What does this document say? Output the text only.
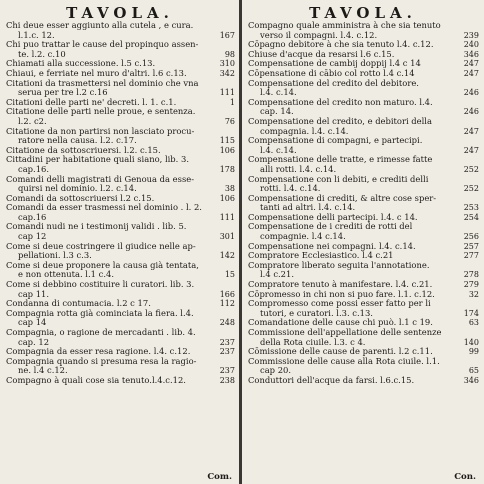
TAVOLA.
Chi deue esser aggiunto alla cutela , e cura.
l.1.c. 12.	167
Chi puo trattar le cause del propinquo assen-
te. l.2. c.10	98
Chiamati alla successione. l.5 c.13.	310
Chiaui, e ferriate nel muro d'altri. l.6 c.13.	342
Citationi da trasmettersi nel dominio che vna
serua per tre l.2 c.16	111
Citationi delle parti ne' decreti. l. 1. c.1.	1
Citatione delle parti nelle proue, e sentenza.
l.2. c2.	76
Citatione da non partirsi non lasciato procu-
ratore nella causa. l.2. c.17.	115
Citatione da sottoscriuersi. l.2. c.15.	106
Cittadini per habitatione quali siano, lib. 3.
cap.16.	178
Comandi delli magistrati di Genoua da esse-
quirsi nel dominio. l.2. c.14.	38
Comandi da sottoscriuersi l.2 c.15.	106
Comandi da esser trasmessi nel dominio . l. 2.
cap.16	111
Comandi nudi ne i testimonij validi . lib. 5.
cap 12	301
Come si deue costringere il giudice nelle ap-
pellationi. l.3 c.3.	142
Come si deue proponere la causa già tentata,
e non ottenuta. l.1 c.4.	15
Come si debbino costituire li curatori. lib. 3.
cap 11.	166
Condanna di contumacia. l.2 c 17.	112
Compagnia rotta già cominciata la fiera. l.4.
cap 14	248
Compagnia, o ragione de mercadanti . lib. 4.
cap. 12	237
Compagnia da esser resa ragione. l.4. c.12.	237
Compagnia quando si presuma resa la ragio-
ne. l.4 c.12.	237
Compagno à quali cose sia tenuto.l.4.c.12.	238
Com.
TAVOLA.
Compagno quale amministra à che sia tenuto
verso il compagni. l.4. c.12.	239
Cōpagno debitore à che sia tenuto l.4. c.12.	240
Chiuse d'acque da resarsi l.6 c.15.	346
Compensatione de cambij doppij l.4 c 14	247
Cōpensatione di cābio col rotto l.4 c.14	247
Compensatione del credito del debitore.
l.4. c.14.	246
Compensatione del credito non maturo. l.4.
cap. 14.	246
Compensatione del credito, e debitori della
compagnia. l.4. c.14.	247
Compensatione di compagni, e partecipi.
l.4. c.14.	247
Compensatione delle tratte, e rimesse fatte
alli rotti. l.4. c.14.	252
Compensatione con li debiti, e crediti delli
rotti. l.4. c.14.	252
Compensatione di crediti, & altre cose sper-
tanti ad altri. l.4. c.14.	253
Compensatione delli partecipi. l.4. c 14.	254
Compensatione de i crediti de rotti del
compagnie. l.4 c.14.	256
Compensatione nei compagni. l.4. c.14.	257
Compratore Ecclesiastico. l.4 c.21	277
Compratore liberato seguita l'annotatione.
l.4 c.21.	278
Compratore tenuto à manifestare. l.4. c.21.	279
Cōpromesso in chi non si puo fare. l.1. c.12.	32
Compromesso come possi esser fatto per li
tutori, e curatori. l.3. c.13.	174
Comandatione delle cause chi può. l.1 c 19.	63
Commissione dell'appellatione delle sentenze
della Rota ciuile. l.3. c 4.	140
Cōmissione delle cause de parenti. l.2 c.11.	99
Commissione delle cause alla Rota ciuile. l.1.
cap 20.	65
Conduttori dell'acque da farsi. l.6.c.15.	346
Con.
